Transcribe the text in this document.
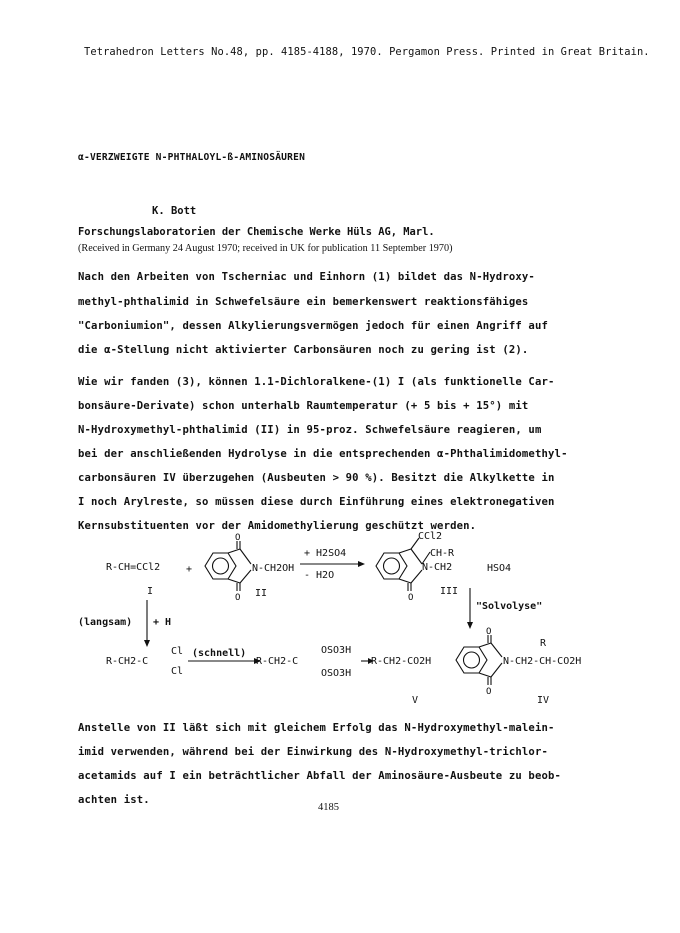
Tetrahedron Letters No.48, pp. 4185-4188, 1970. Pergamon Press. Printed in Great Britain.
α-VERZWEIGTE N-PHTHALOYL-ß-AMINOSÄUREN
K. Bott
Forschungslaboratorien der Chemische Werke Hüls AG, Marl.
(Received in Germany 24 August 1970; received in UK for publication 11 September 1970)
Nach den Arbeiten von Tscherniac und Einhorn (1) bildet das N-Hydroxy-
methyl-phthalimid in Schwefelsäure ein bemerkenswert reaktionsfähiges
"Carboniumion", dessen Alkylierungsvermögen jedoch für einen Angriff auf
die α-Stellung nicht aktivierter Carbonsäuren noch zu gering ist (2).
Wie wir fanden (3), können 1.1-Dichloralkene-(1) I (als funktionelle Car-
bonsäure-Derivate) schon unterhalb Raumtemperatur (+ 5 bis + 15°) mit
N-Hydroxymethyl-phthalimid (II) in 95-proz. Schwefelsäure reagieren, um
bei der anschließenden Hydrolyse in die entsprechenden α-Phthalimidomethyl-
carbonsäuren IV überzugehen (Ausbeuten > 90 %). Besitzt die Alkylkette in
I noch Arylreste, so müssen diese durch Einführung eines elektronegativen
Kernsubstituenten vor der Amidomethylierung geschützt werden.
R-CH=CCl2	+
O
O
N-CH2OH
I	II
+ H2SO4
- H2O
CCl2
CH-R
N-CH2
O
HSO4
III
"Solvolyse"
(langsam) + H
R-CH2-C
Cl
Cl
(schnell)
R-CH2-C
OSO3H
OSO3H
R-CH2-CO2H
V
O
O
R
N-CH2-CH-CO2H
IV
Anstelle von II läßt sich mit gleichem Erfolg das N-Hydroxymethyl-malein-
imid verwenden, während bei der Einwirkung des N-Hydroxymethyl-trichlor-
acetamids auf I ein beträchtlicher Abfall der Aminosäure-Ausbeute zu beob-
achten ist.
4185
